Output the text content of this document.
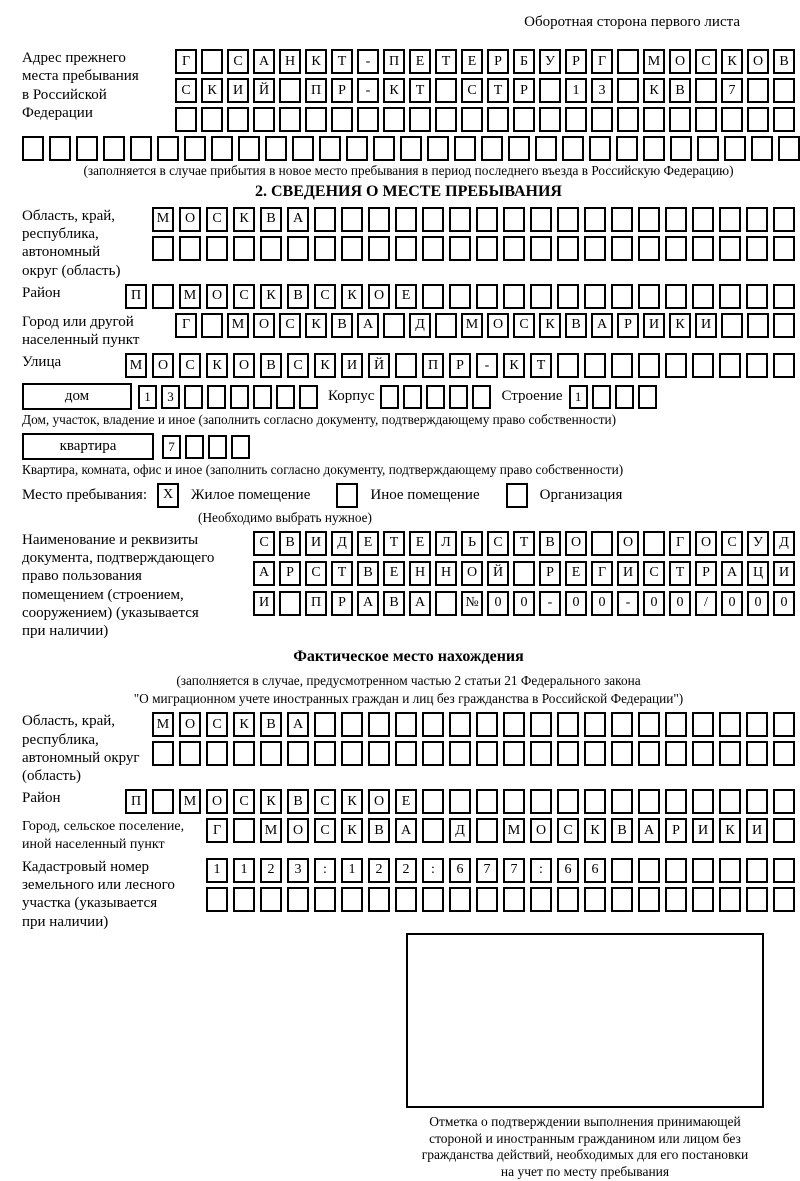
Оборотная сторона первого листа
Адрес прежнего
места пребывания
в Российской
Федерации
Г	С	А	Н	К	Т	-	П	Е	Т	Е	Р	Б	У	Р	Г	М	О	С	К	О	В
С	К	И	Й	П	Р	-	К	Т	С	Т	Р	1	3	К	В	7
(заполняется в случае прибытия в новое место пребывания в период последнего въезда в Российскую Федерацию)
2. СВЕДЕНИЯ О МЕСТЕ ПРЕБЫВАНИЯ
Область, край,
республика,
автономный
округ (область)
М	О	С	К	В	А
Район	П	М	О	С	К	В	С	К	О	Е
Город или другой
населенный пункт
Г	М	О	С	К	В	А	Д	М	О	С	К	В	А	Р	И	К	И
Улица	М	О	С	К	О	В	С	К	И	Й	П	Р	-	К	Т
дом	1	3	Корпус	Строение 1
Дом, участок, владение и иное (заполнить согласно документу, подтверждающему право собственности)
квартира	7
Квартира, комната, офис и иное (заполнить согласно документу, подтверждающему право собственности)
Место пребывания:	X	Жилое помещение	Иное помещение	Организация
(Необходимо выбрать нужное)
Наименование и реквизиты
документа, подтверждающего
право пользования
помещением (строением,
сооружением) (указывается
при наличии)
С	В	И	Д	Е	Т	Е	Л	Ь	С	Т	В	О	О	Г	О	С	У	Д
А	Р	С	Т	В	Е	Н	Н	О	Й	Р	Е	Г	И	С	Т	Р	А	Ц	И
И	П	Р	А	В	А	№	0	0	-	0	0	-	0	0	/	0	0	0
Фактическое место нахождения
(заполняется в случае, предусмотренном частью 2 статьи 21 Федерального закона
"О миграционном учете иностранных граждан и лиц без гражданства в Российской Федерации")
Область, край,
республика,
автономный округ
(область)
М	О	С	К	В	А
Район	П	М	О	С	К	В	С	К	О	Е
Город, сельское поселение,
иной населенный пункт
Г	М	О	С	К	В	А	Д	М	О	С	К	В	А	Р	И	К	И
Кадастровый номер
земельного или лесного
участка (указывается
при наличии)
1	1	2	3	:	1	2	2	:	6	7	7	:	6	6
Отметка о подтверждении выполнения принимающей
стороной и иностранным гражданином или лицом без
гражданства действий, необходимых для его постановки
на учет по месту пребывания
